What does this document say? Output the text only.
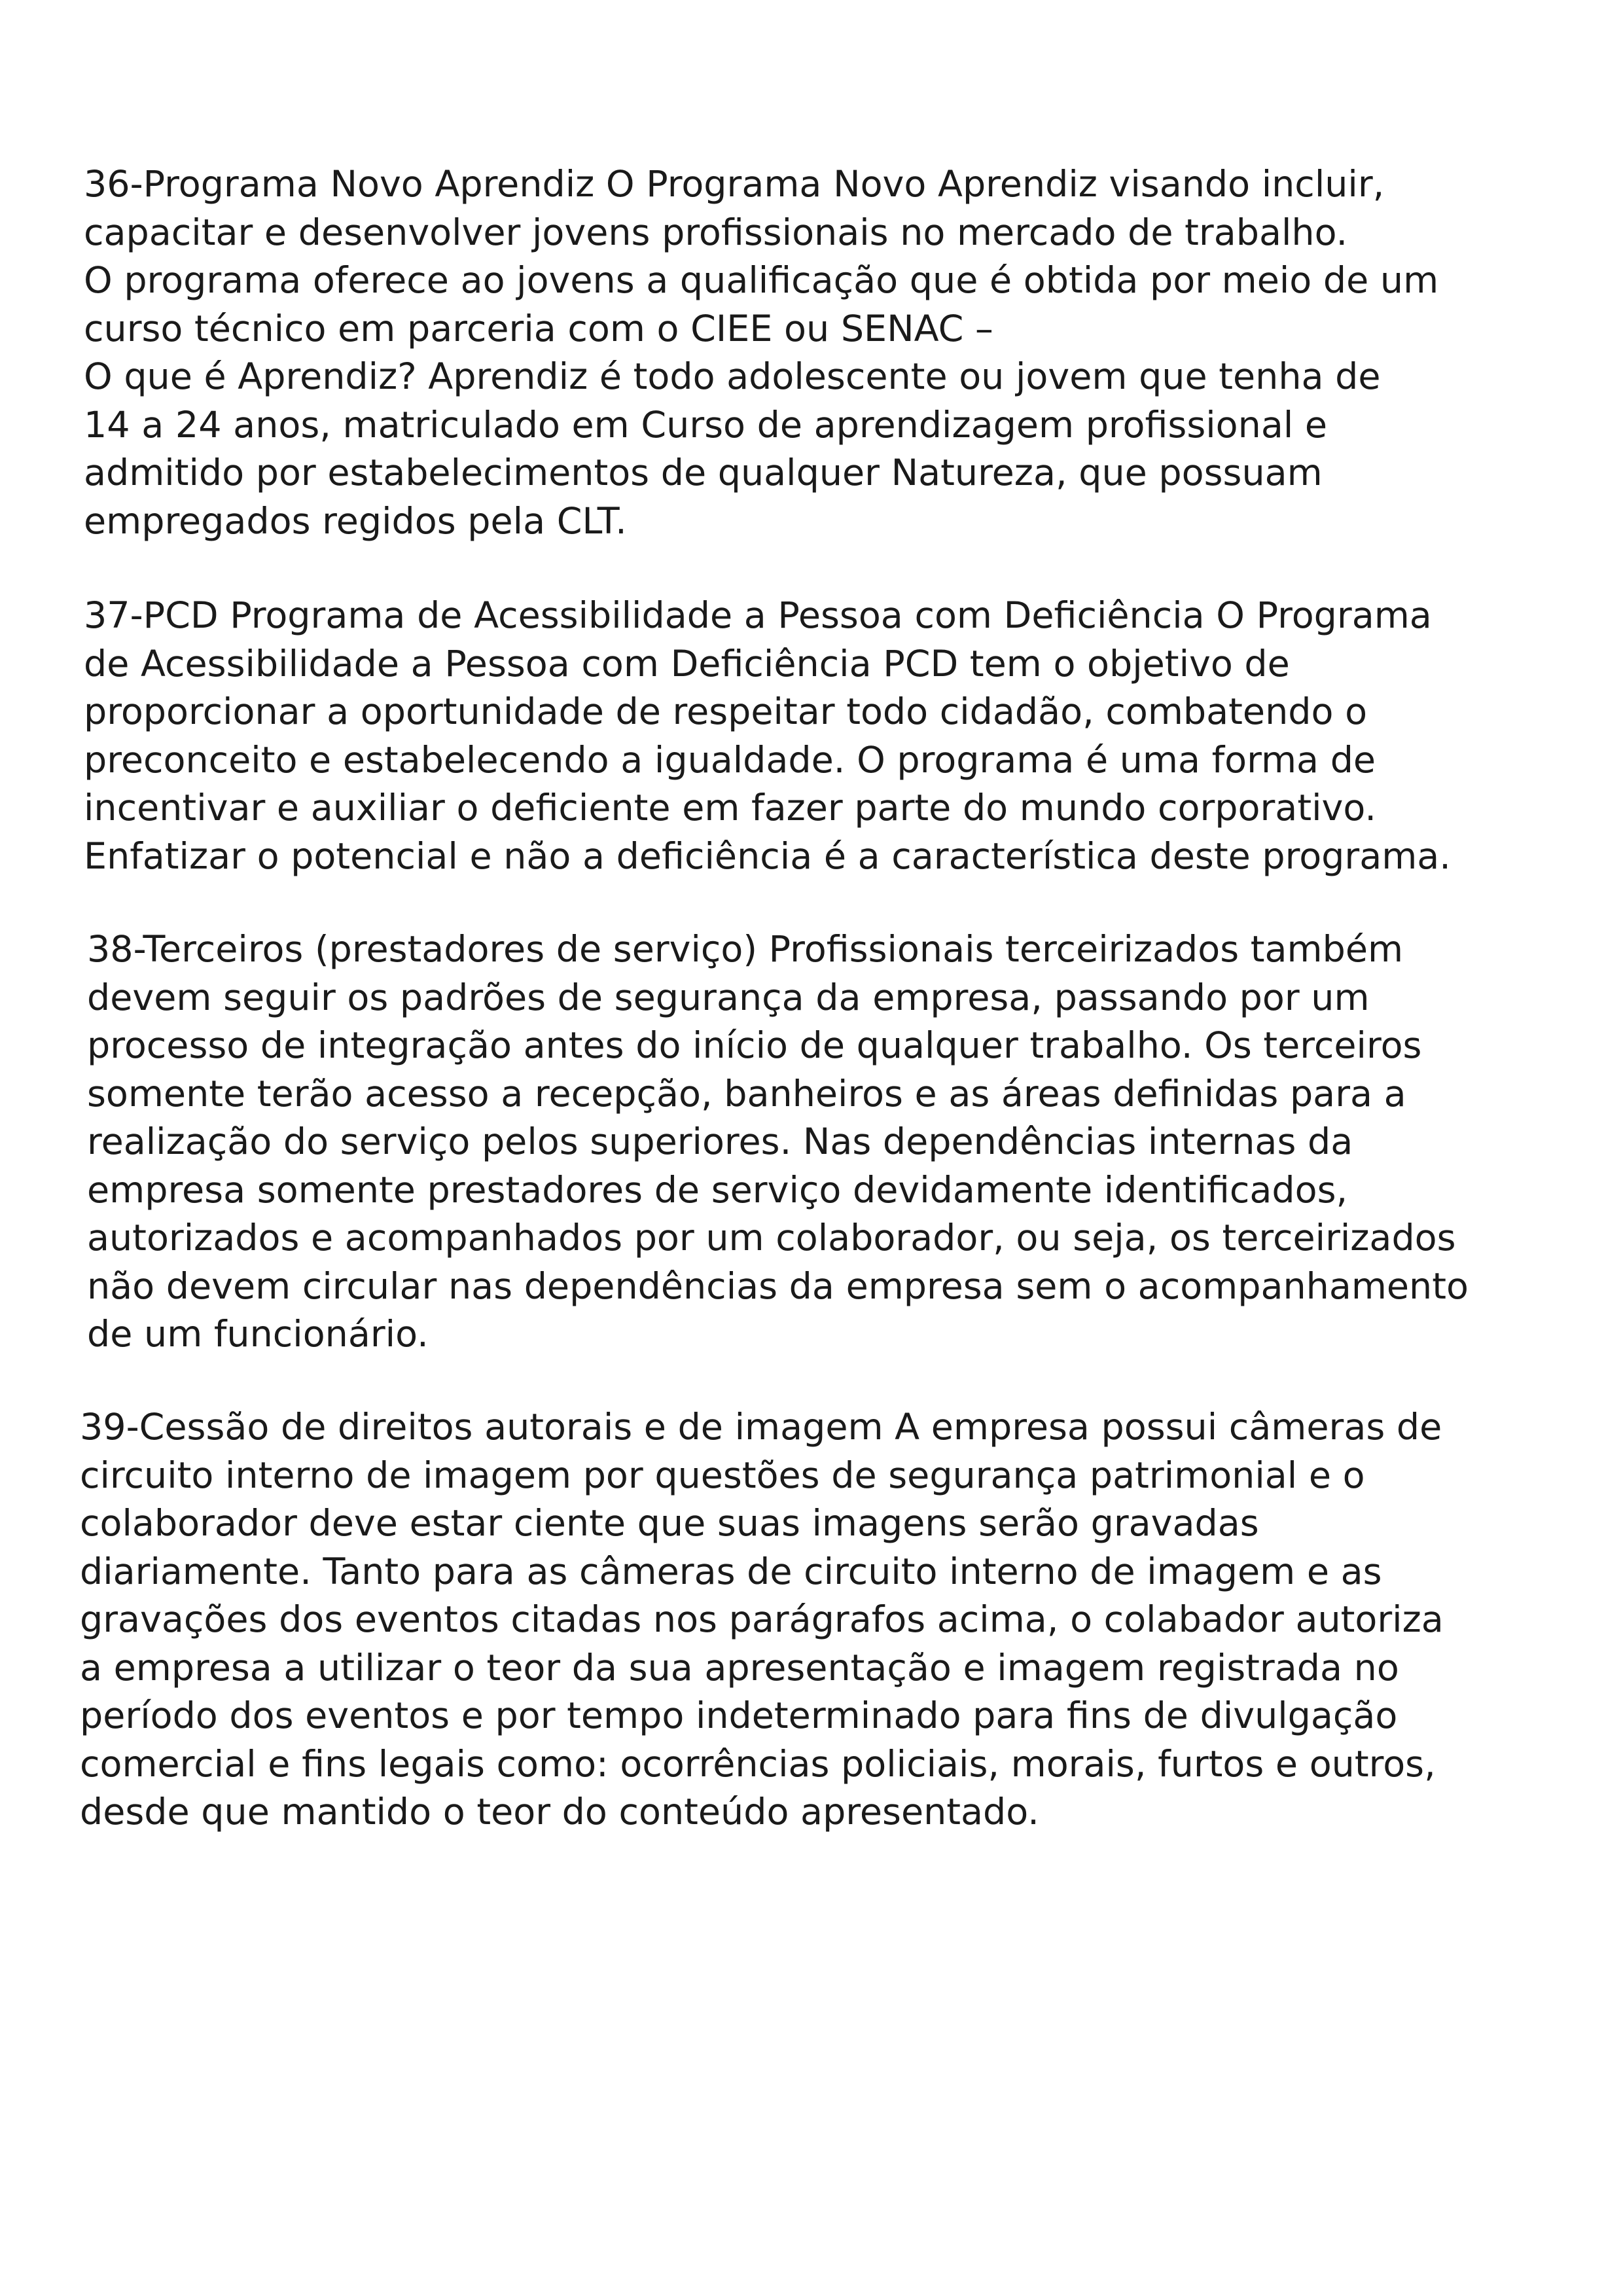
36-Programa Novo Aprendiz O Programa Novo Aprendiz visando incluir,
capacitar e desenvolver jovens profissionais no mercado de trabalho.
O programa oferece ao jovens a qualificação que é obtida por meio de um
curso técnico em parceria com o CIEE ou SENAC –
O que é Aprendiz? Aprendiz é todo adolescente ou jovem que tenha de
14 a 24 anos, matriculado em Curso de aprendizagem profissional e
admitido por estabelecimentos de qualquer Natureza, que possuam
empregados regidos pela CLT.

37-PCD Programa de Acessibilidade a Pessoa com Deficiência O Programa
de Acessibilidade a Pessoa com Deficiência PCD tem o objetivo de
proporcionar a oportunidade de respeitar todo cidadão, combatendo o
preconceito e estabelecendo a igualdade. O programa é uma forma de
incentivar e auxiliar o deficiente em fazer parte do mundo corporativo.
Enfatizar o potencial e não a deficiência é a característica deste programa.

38-Terceiros (prestadores de serviço) Profissionais terceirizados também
devem seguir os padrões de segurança da empresa, passando por um
processo de integração antes do início de qualquer trabalho. Os terceiros
somente terão acesso a recepção, banheiros e as áreas definidas para a
realização do serviço pelos superiores. Nas dependências internas da
empresa somente prestadores de serviço devidamente identificados,
autorizados e acompanhados por um colaborador, ou seja, os terceirizados
não devem circular nas dependências da empresa sem o acompanhamento
de um funcionário.

39-Cessão de direitos autorais e de imagem A empresa possui câmeras de
circuito interno de imagem por questões de segurança patrimonial e o
colaborador deve estar ciente que suas imagens serão gravadas
diariamente. Tanto para as câmeras de circuito interno de imagem e as
gravações dos eventos citadas nos parágrafos acima, o colabador autoriza
a empresa a utilizar o teor da sua apresentação e imagem registrada no
período dos eventos e por tempo indeterminado para fins de divulgação
comercial e fins legais como: ocorrências policiais, morais, furtos e outros,
desde que mantido o teor do conteúdo apresentado.
